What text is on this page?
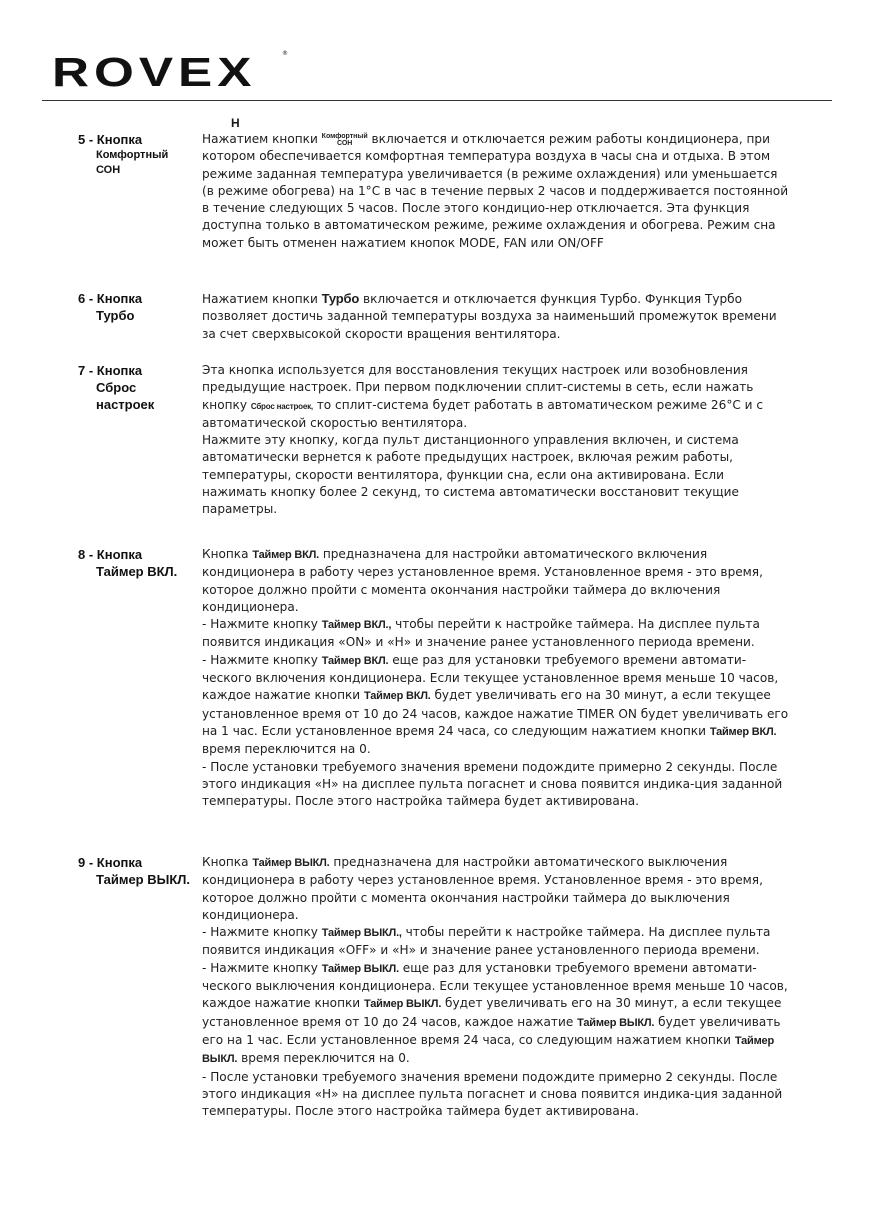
ROVEX	®
Н
5 - Кнопка
Комфортный
СОН

Нажатием кнопки Комфортный
СОН включается и отключается режим работы кондиционера, при котором обеспечивается комфортная температура воздуха в часы сна и отдыха. В этом режиме заданная температура увеличивается (в режиме охлаждения) или уменьшается (в режиме обогрева) на 1°С в час в течение первых 2 часов и поддерживается постоянной в течение следующих 5 часов. После этого кондицио-нер отключается. Эта функция доступна только в автоматическом режиме, режиме охлаждения и обогрева. Режим сна может быть отменен нажатием кнопок MODE, FAN или ON/OFF

6 - Кнопка
Турбо

Нажатием кнопки Турбо включается и отключается функция Турбо. Функция Турбо позволяет достичь заданной температуры воздуха за наименьший промежуток времени за счет сверхвысокой скорости вращения вентилятора.

7 - Кнопка
Сброс
настроек

Эта кнопка используется для восстановления текущих настроек или возобновления предыдущие настроек. При первом подключении сплит-системы в сеть, если нажать кнопку Сброс настроек, то сплит-система будет работать в автоматическом режиме 26°С и с автоматической скоростью вентилятора.

Нажмите эту кнопку, когда пульт дистанционного управления включен, и система автоматически вернется к работе предыдущих настроек, включая режим работы, температуры, скорости вентилятора, функции сна, если она активирована. Если нажимать кнопку более 2 секунд, то система автоматически восстановит текущие параметры.

8 - Кнопка
Таймер ВКЛ.

Кнопка Таймер ВКЛ. предназначена для настройки автоматического включения кондиционера в работу через установленное время. Установленное время - это время, которое должно пройти с момента окончания настройки таймера до включения кондиционера.

- Нажмите кнопку Таймер ВКЛ., чтобы перейти к настройке таймера. На дисплее пульта появится индикация «ON» и «H» и значение ранее установленного периода времени.

- Нажмите кнопку Таймер ВКЛ. еще раз для установки требуемого времени автомати-ческого включения кондиционера. Если текущее установленное время меньше 10 часов, каждое нажатие кнопки Таймер ВКЛ. будет увеличивать его на 30 минут, а если текущее установленное время от 10 до 24 часов, каждое нажатие TIMER ON будет увеличивать его на 1 час. Если установленное время 24 часа, со следующим нажатием кнопки Таймер ВКЛ. время переключится на 0.

- После установки требуемого значения времени подождите примерно 2 секунды. После этого индикация «H» на дисплее пульта погаснет и снова появится индика-ция заданной температуры. После этого настройка таймера будет активирована.

9 - Кнопка
Таймер ВЫКЛ.

Кнопка Таймер ВЫКЛ. предназначена для настройки автоматического выключения кондиционера в работу через установленное время. Установленное время - это время, которое должно пройти с момента окончания настройки таймера до выключения кондиционера.

- Нажмите кнопку Таймер ВЫКЛ., чтобы перейти к настройке таймера. На дисплее пульта появится индикация «OFF» и «H» и значение ранее установленного периода времени.

- Нажмите кнопку Таймер ВЫКЛ. еще раз для установки требуемого времени автомати-ческого выключения кондиционера. Если текущее установленное время меньше 10 часов, каждое нажатие кнопки Таймер ВЫКЛ. будет увеличивать его на 30 минут, а если текущее установленное время от 10 до 24 часов, каждое нажатие Таймер ВЫКЛ. будет увеличивать его на 1 час. Если установленное время 24 часа, со следующим нажатием кнопки Таймер ВЫКЛ. время переключится на 0.

- После установки требуемого значения времени подождите примерно 2 секунды. После этого индикация «H» на дисплее пульта погаснет и снова появится индика-ция заданной температуры. После этого настройка таймера будет активирована.
